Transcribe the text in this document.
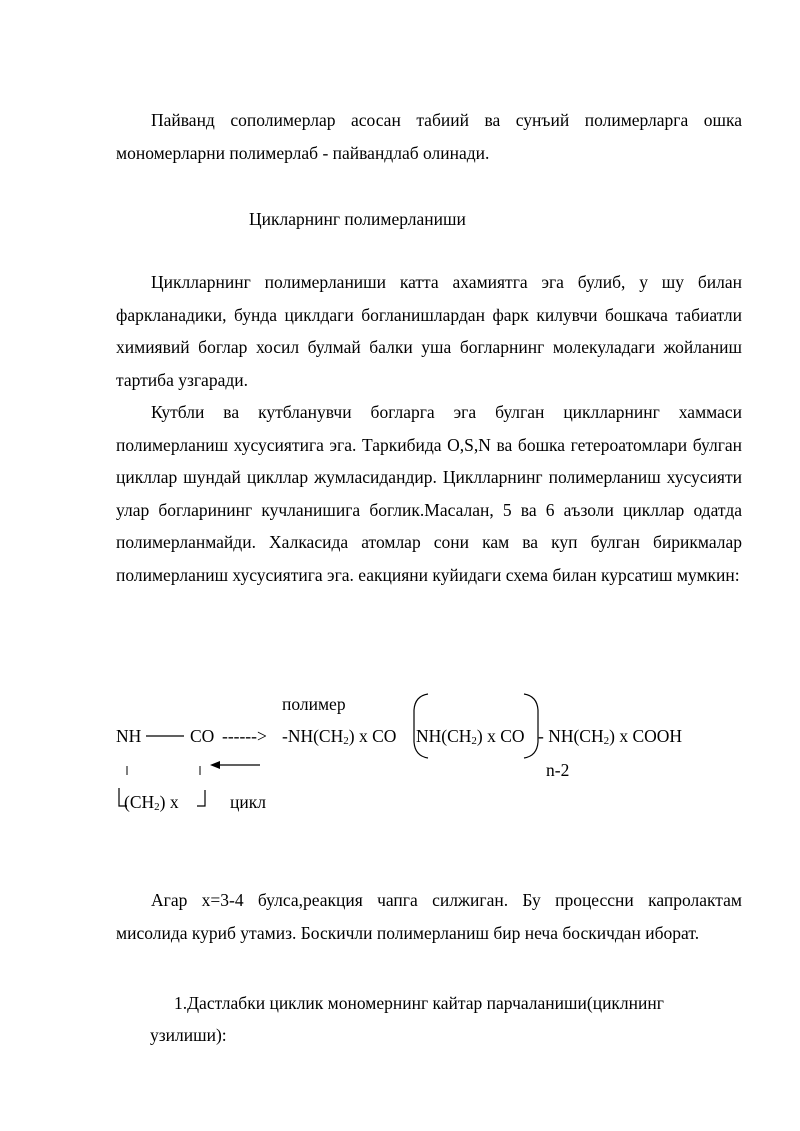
Пайванд сополимерлар асосан табиий ва сунъий полимерларга ошка мономерларни полимерлаб - пайвандлаб олинади.

Цикларнинг полимерланиши

Циклларнинг полимерланиши катта ахамиятга эга булиб, у шу билан фаркланадики, бунда циклдаги богланишлардан фарк килувчи бошкача табиатли химиявий боглар хосил булмай балки уша богларнинг молекуладаги жойланиш тартиба узгаради.

Кутбли ва кутбланувчи богларга эга булган циклларнинг хаммаси полимерланиш хусусиятига эга. Таркибида O,S,N ва бошка гетероатомлари булган цикллар шундай цикллар жумласидандир. Циклларнинг полимерланиш хусусияти улар богларининг кучланишига боглик.Масалан, 5 ва 6 аъзоли цикллар одатда полимерланмайди. Халкасида атомлар сони кам ва куп булган бирикмалар полимерланиш хусусиятига эга. еакцияни куйидаги схема билан курсатиш мумкин:

полимер
NH	CO ------> $-NH(CH_2)$ x CO $NH(CH_2)$ x CO - $NH(CH_2)$ x COOH
n-2
$(CH_2)$ x	цикл

Агар x=3-4 булса,реакция чапга силжиган. Бу процессни капролактам мисолида куриб утамиз. Боскичли полимерланиш бир неча боскичдан иборат.

1.Дастлабки циклик мономернинг кайтар парчаланиши(циклнинг

узилиши):
